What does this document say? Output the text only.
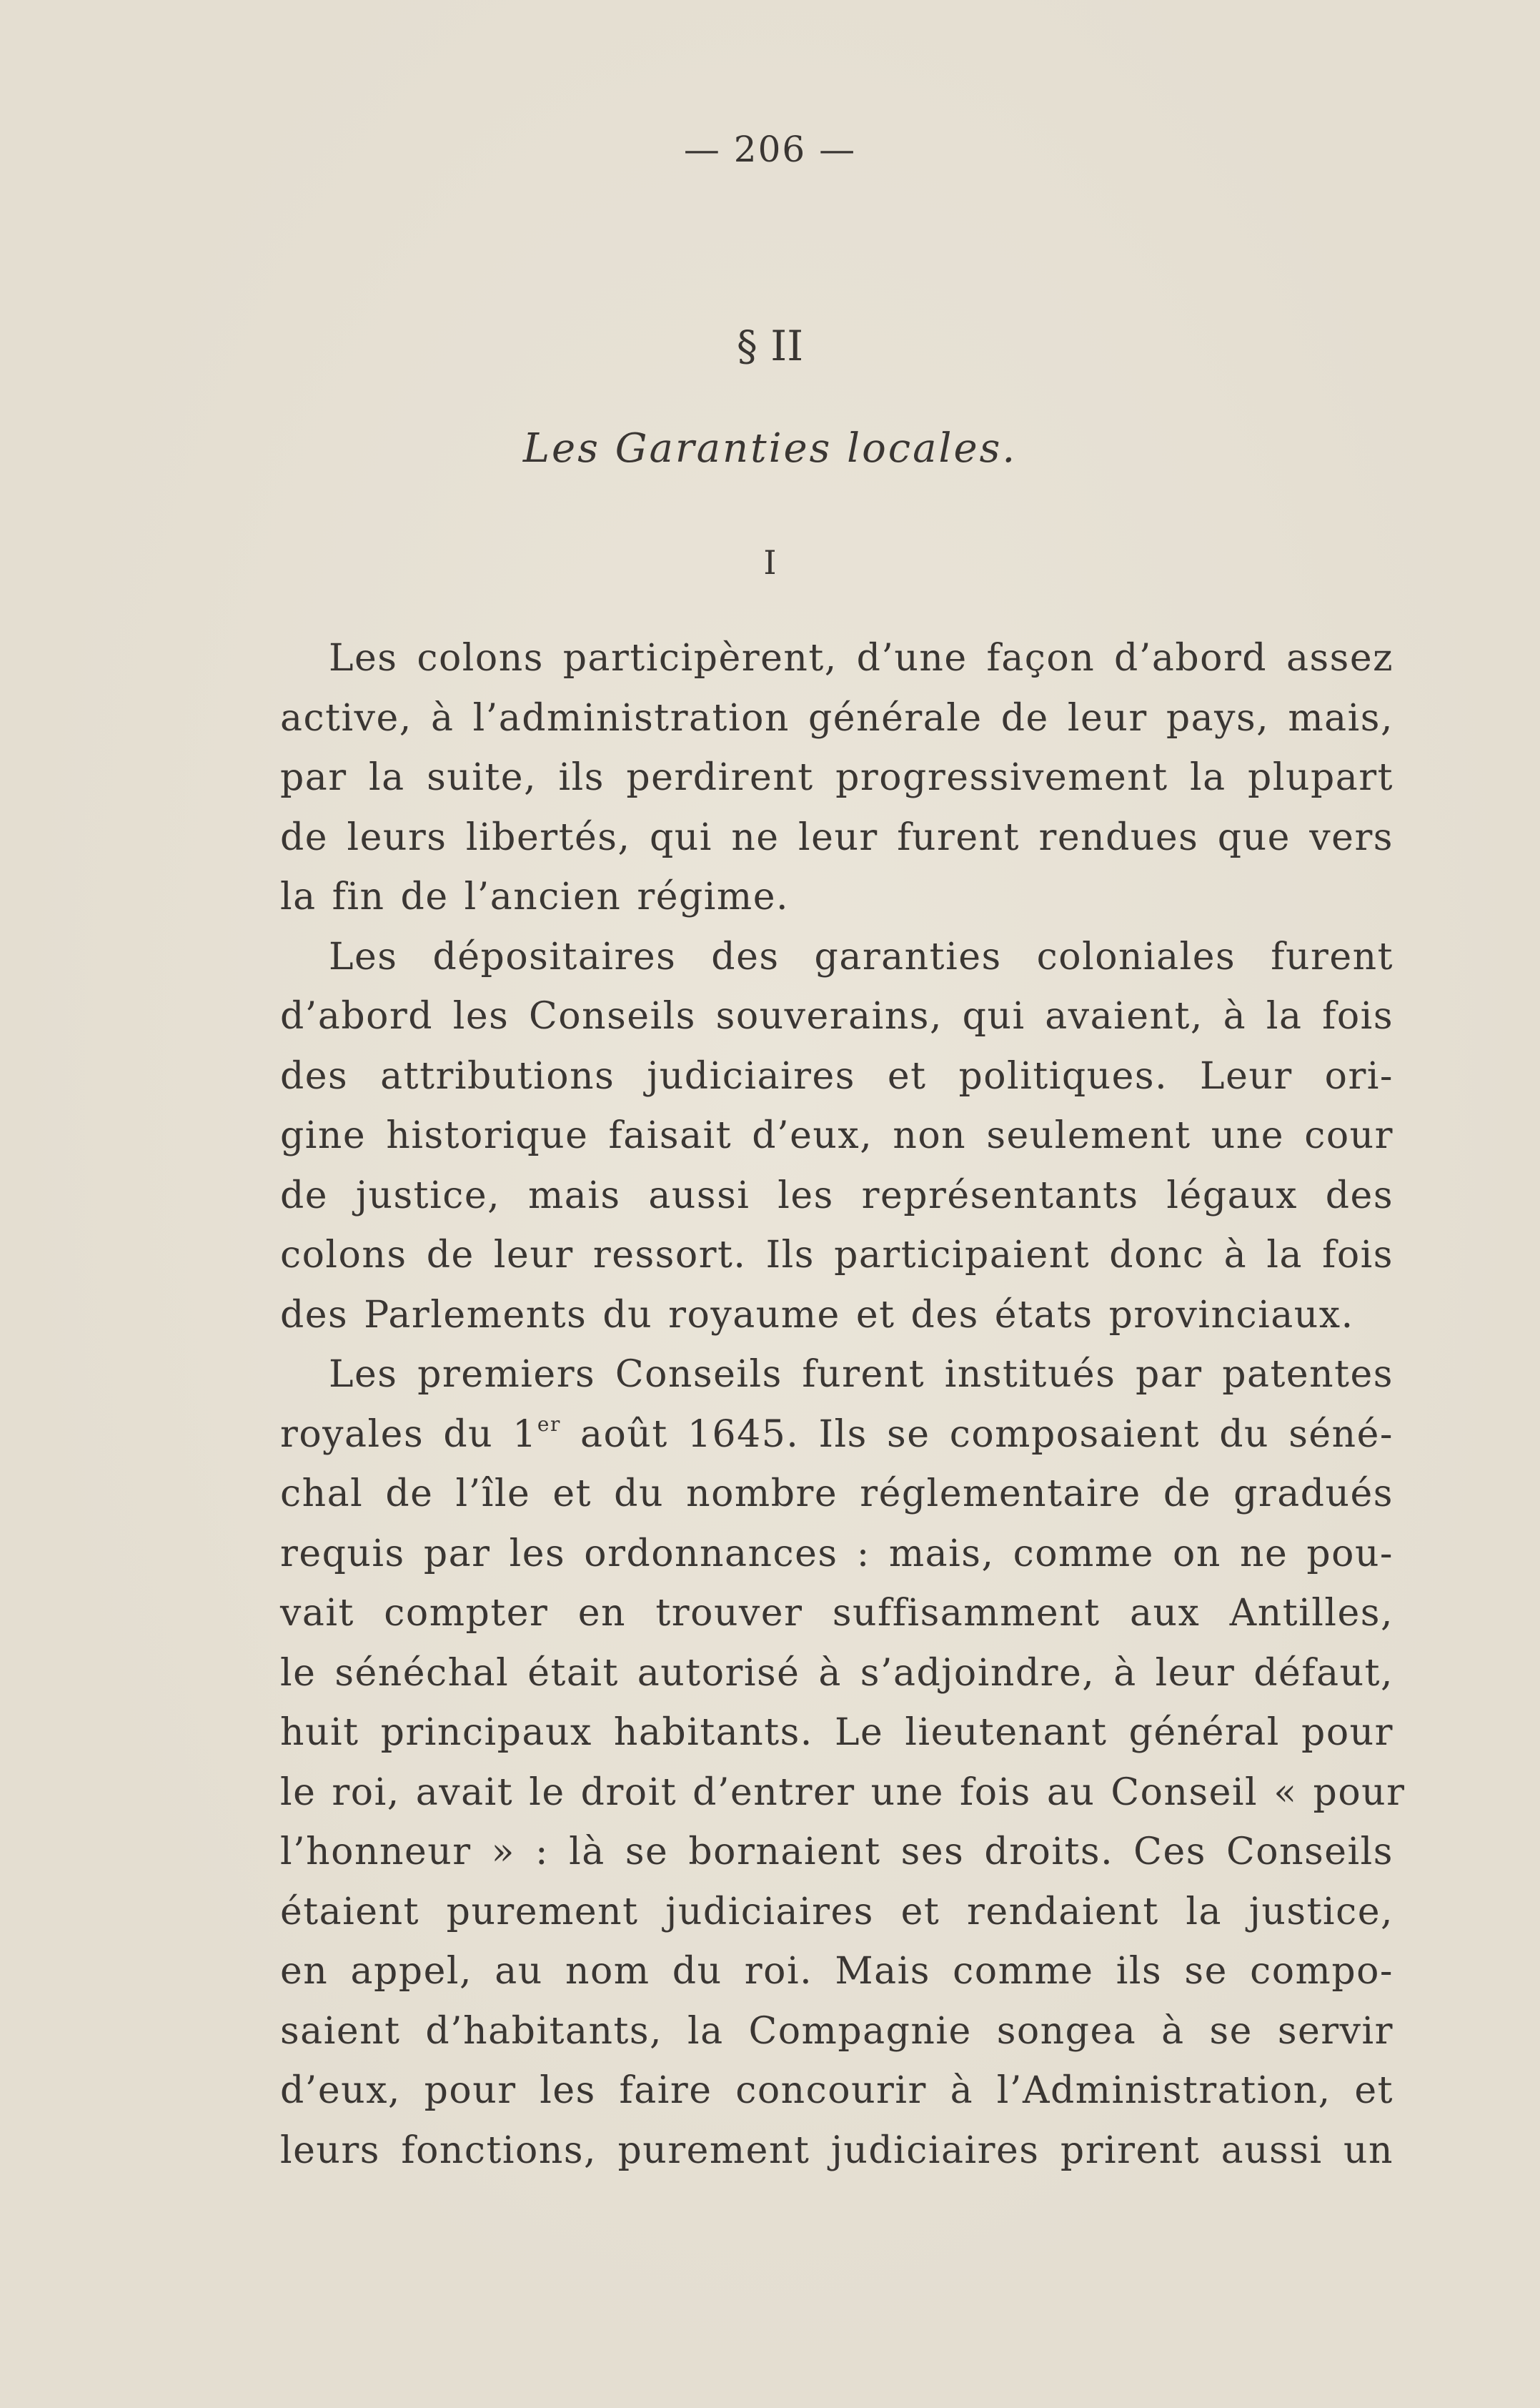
— 206 —
§ II
Les Garanties locales.
I
Les colons participèrent, d’une façon d’abord assez
active, à l’administration générale de leur pays, mais,
par la suite, ils perdirent progressivement la plupart
de leurs libertés, qui ne leur furent rendues que vers
la fin de l’ancien régime.
Les dépositaires des garanties coloniales furent
d’abord les Conseils souverains, qui avaient, à la fois
des attributions judiciaires et politiques. Leur ori-
gine historique faisait d’eux, non seulement une cour
de justice, mais aussi les représentants légaux des
colons de leur ressort. Ils participaient donc à la fois
des Parlements du royaume et des états provinciaux.
Les premiers Conseils furent institués par patentes
royales du 1er août 1645. Ils se composaient du séné-
chal de l’île et du nombre réglementaire de gradués
requis par les ordonnances : mais, comme on ne pou-
vait compter en trouver suffisamment aux Antilles,
le sénéchal était autorisé à s’adjoindre, à leur défaut,
huit principaux habitants. Le lieutenant général pour
le roi, avait le droit d’entrer une fois au Conseil « pour
l’honneur » : là se bornaient ses droits. Ces Conseils
étaient purement judiciaires et rendaient la justice,
en appel, au nom du roi. Mais comme ils se compo-
saient d’habitants, la Compagnie songea à se servir
d’eux, pour les faire concourir à l’Administration, et
leurs fonctions, purement judiciaires prirent aussi un
